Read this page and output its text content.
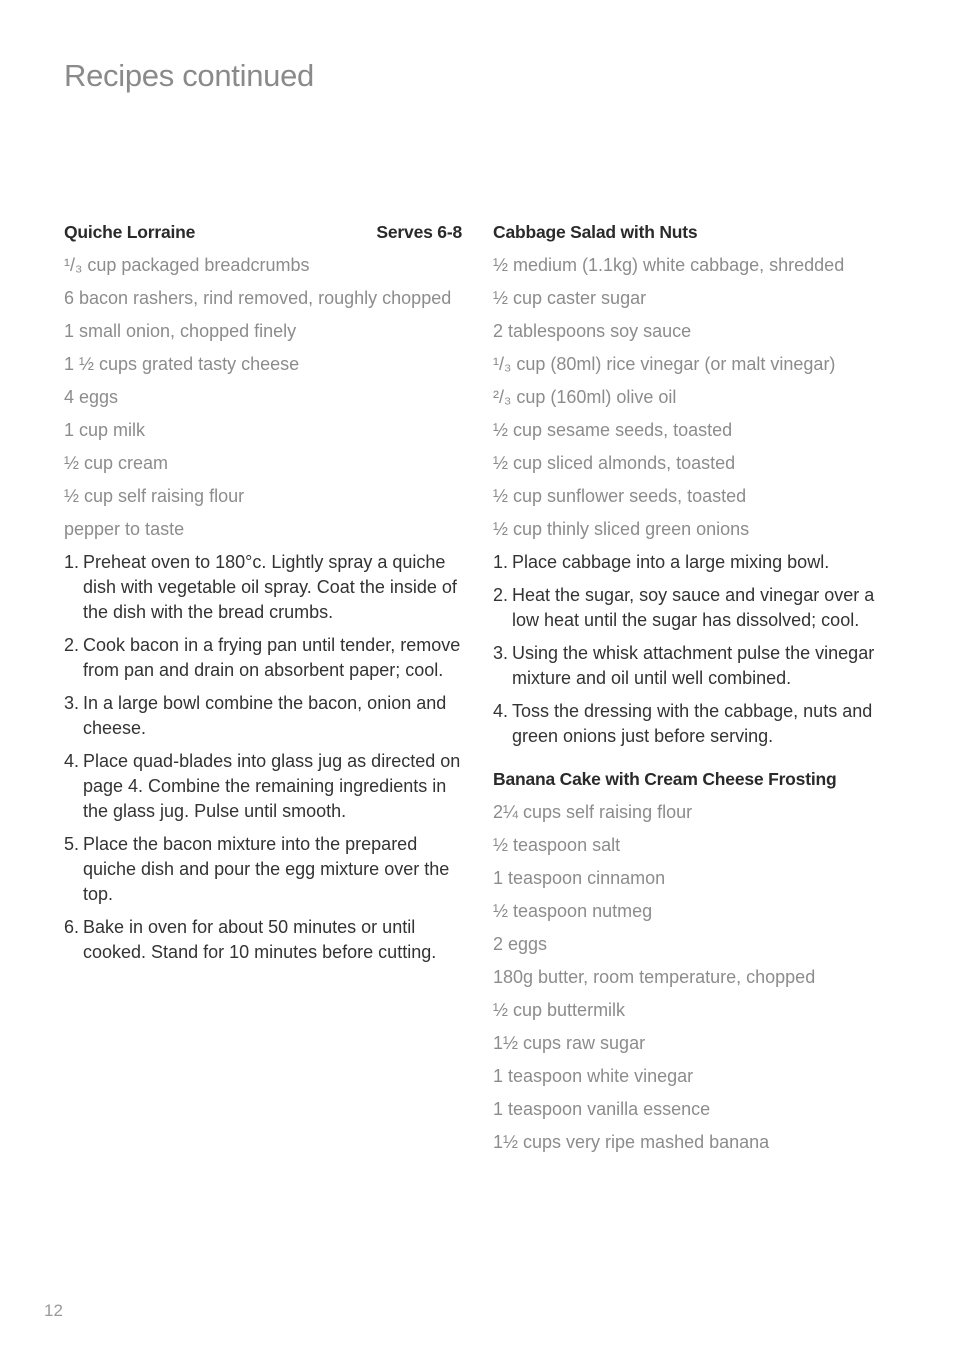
Recipes continued
Quiche Lorraine	Serves 6-8
¹/₃ cup packaged breadcrumbs
6 bacon rashers, rind removed, roughly chopped
1 small onion, chopped finely
1 ½ cups grated tasty cheese
4 eggs
1 cup milk
½ cup cream
½ cup self raising flour
pepper to taste
1. Preheat oven to 180°c. Lightly spray a quiche dish with vegetable oil spray. Coat the inside of the dish with the bread crumbs.
2. Cook bacon in a frying pan until tender, remove from pan and drain on absorbent paper; cool.
3. In a large bowl combine the bacon, onion and cheese.
4. Place quad-blades into glass jug as directed on page 4. Combine the remaining ingredients in the glass jug. Pulse until smooth.
5. Place the bacon mixture into the prepared quiche dish and pour the egg mixture over the top.
6. Bake in oven for about 50 minutes or until cooked. Stand for 10 minutes before cutting.
Cabbage Salad with Nuts
½ medium (1.1kg) white cabbage, shredded
½ cup caster sugar
2 tablespoons soy sauce
¹/₃ cup (80ml) rice vinegar (or malt vinegar)
²/₃ cup (160ml) olive oil
½ cup sesame seeds, toasted
½ cup sliced almonds, toasted
½ cup sunflower seeds, toasted
½ cup thinly sliced green onions
1. Place cabbage into a large mixing bowl.
2. Heat the sugar, soy sauce and vinegar over a low heat until the sugar has dissolved; cool.
3. Using the whisk attachment pulse the vinegar mixture and oil until well combined.
4. Toss the dressing with the cabbage, nuts and green onions just before serving.
Banana Cake with Cream Cheese Frosting
2¼ cups self raising flour
½ teaspoon salt
1 teaspoon cinnamon
½ teaspoon nutmeg
2 eggs
180g butter, room temperature, chopped
½ cup buttermilk
1½ cups raw sugar
1 teaspoon white vinegar
1 teaspoon vanilla essence
1½ cups very ripe mashed banana
12
